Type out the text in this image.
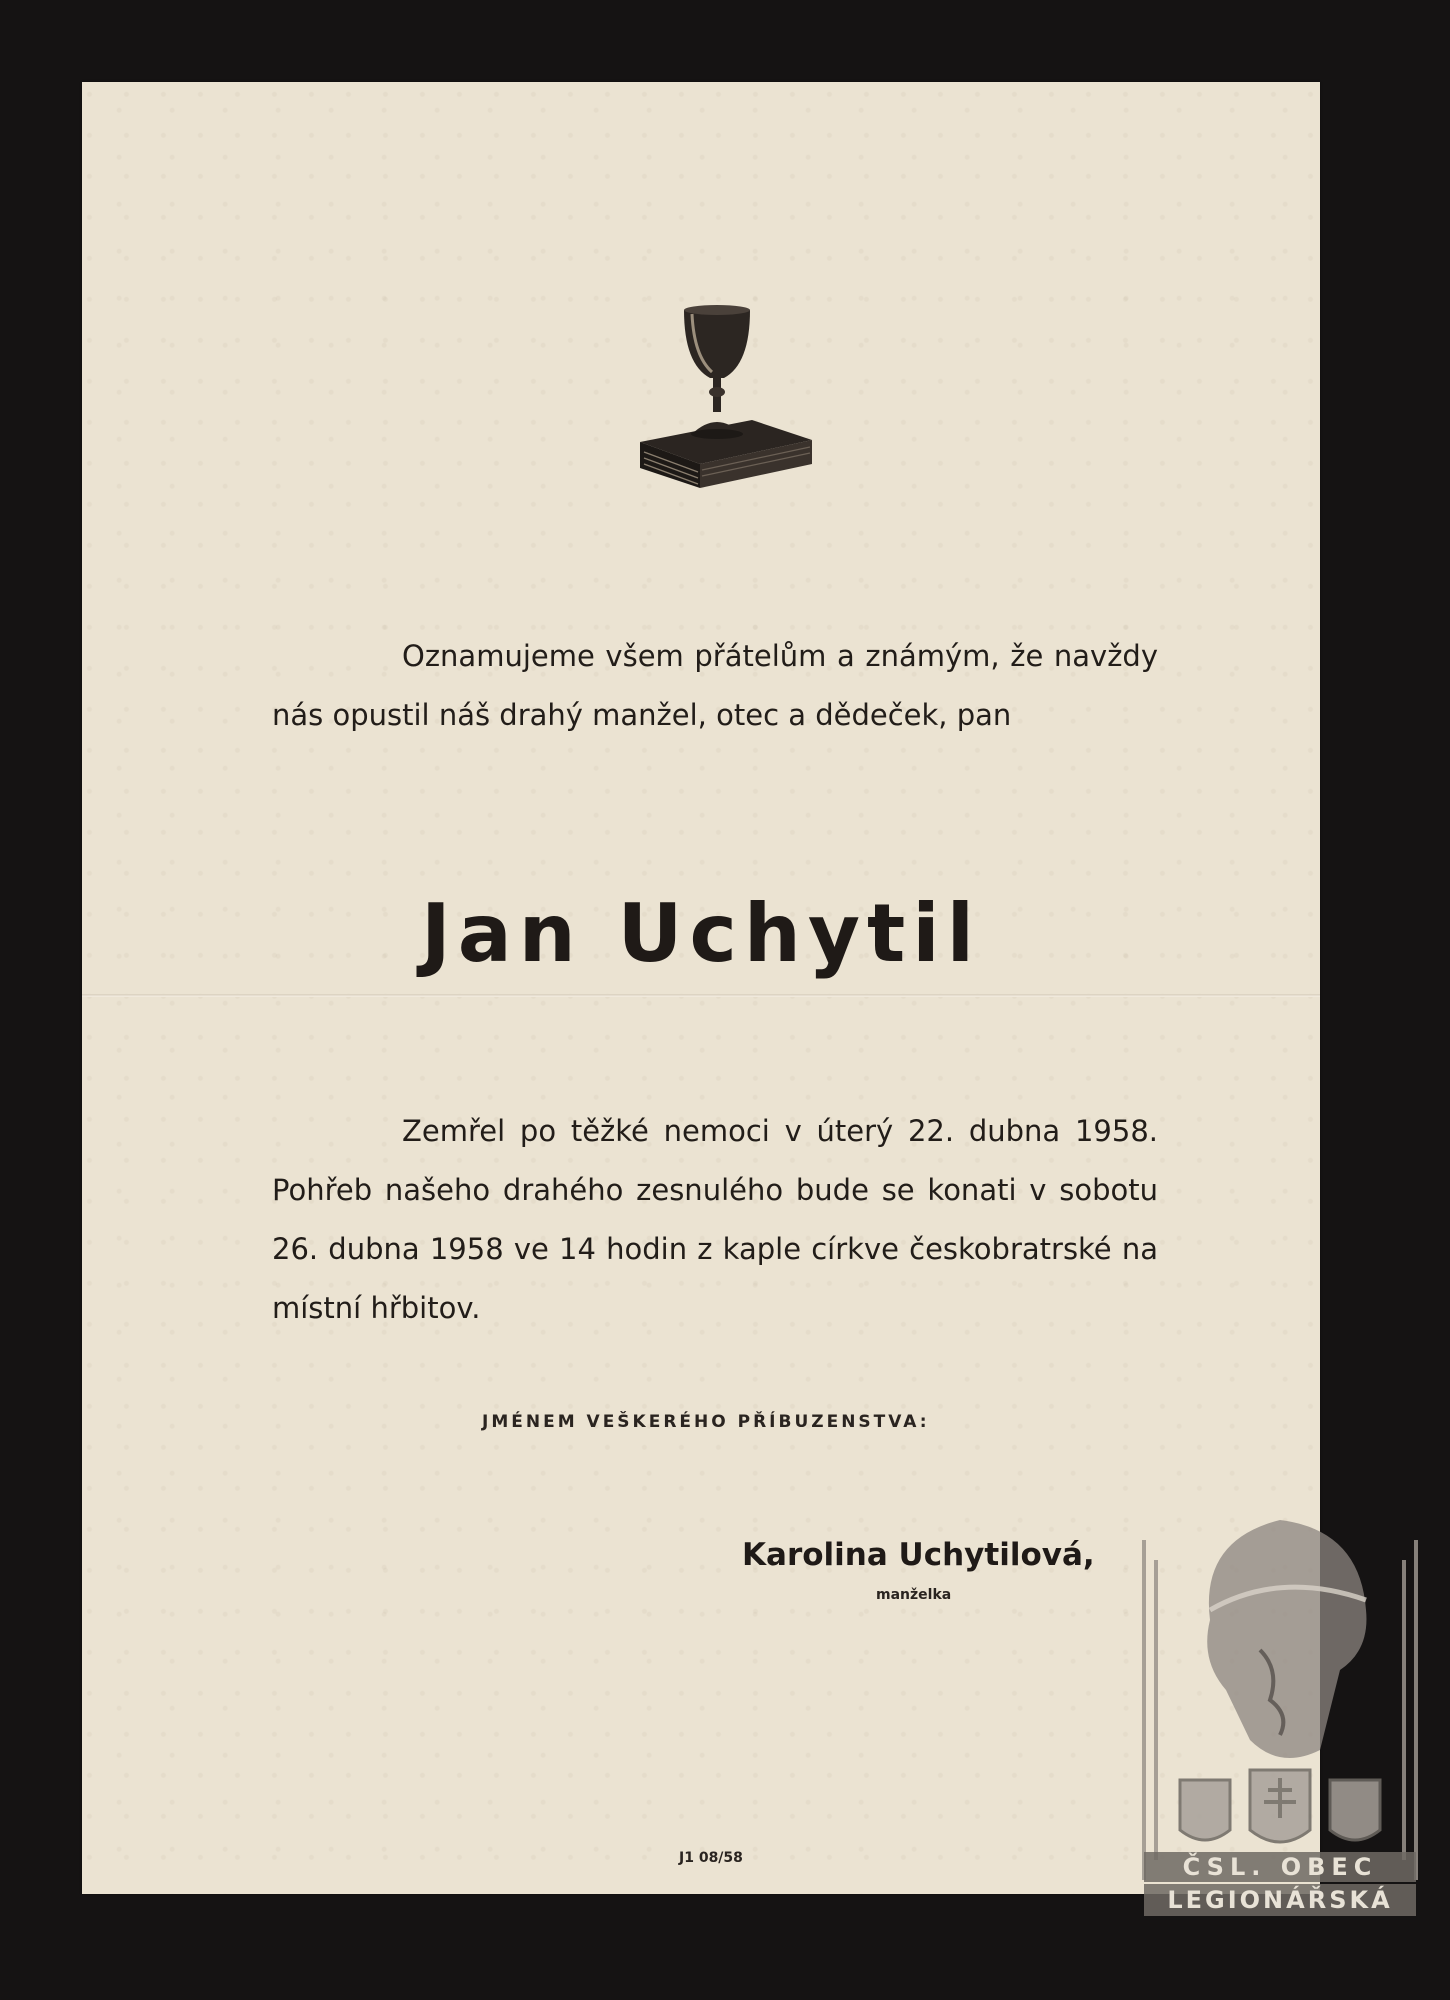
Oznamujeme všem přátelům a známým, že navždy nás opustil náš drahý manžel, otec a dědeček, pan

Jan Uchytil

Zemřel po těžké nemoci v úterý 22. dubna 1958. Pohřeb našeho drahého zesnulého bude se konati v sobotu 26. dubna 1958 ve 14 hodin z kaple církve českobratrské na místní hřbitov.

JMÉNEM VEŠKERÉHO PŘÍBUZENSTVA:
Karolina Uchytilová,
manželka
J1 08/58	ČSL. OBEC
LEGIONÁŘSKÁ
